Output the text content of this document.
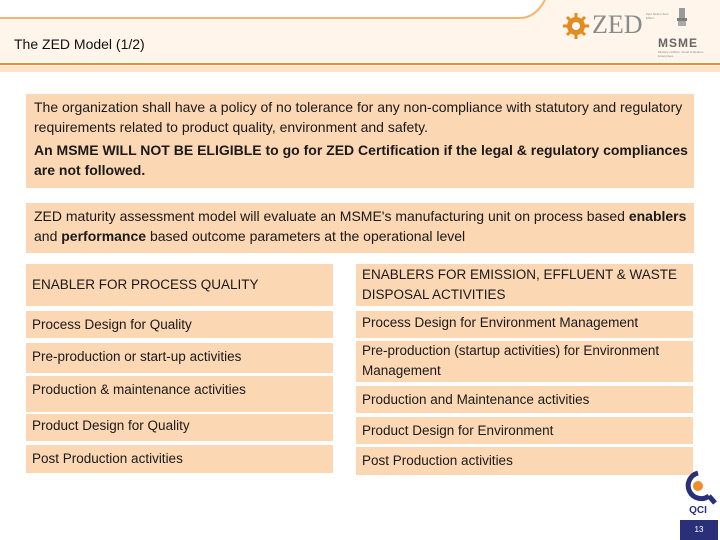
The ZED Model (1/2)
ZED Zero Defect Zero Effect
MSME
Ministry of Micro, Small & Medium Enterprises
The organization shall have a policy of no tolerance for any non-compliance with statutory and regulatory requirements related to product quality, environment and safety.
An MSME WILL NOT BE ELIGIBLE to go for ZED Certification if the legal & regulatory compliances are not followed.
ZED maturity assessment model will evaluate an MSME's manufacturing unit on process based enablers and performance based outcome parameters at the operational level
ENABLER FOR PROCESS QUALITY
Process Design for Quality
Pre-production or start-up activities
Production & maintenance activities
Product Design for Quality
Post Production activities
ENABLERS FOR EMISSION, EFFLUENT & WASTE DISPOSAL ACTIVITIES
Process Design for Environment Management
Pre-production (startup activities) for Environment Management
Production and Maintenance activities
Product Design for Environment
Post Production activities
QCI
13
